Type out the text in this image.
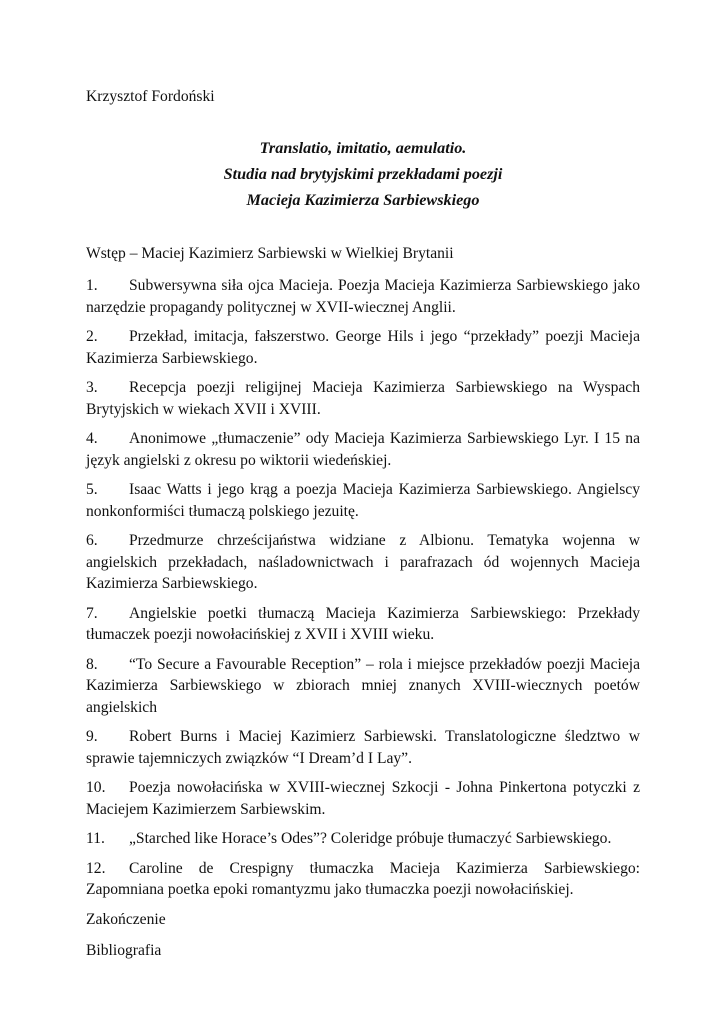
Krzysztof Fordoński
Translatio, imitatio, aemulatio.
Studia nad brytyjskimi przekładami poezji
Macieja Kazimierza Sarbiewskiego
Wstęp – Maciej Kazimierz Sarbiewski w Wielkiej Brytanii
1. Subwersywna siła ojca Macieja. Poezja Macieja Kazimierza Sarbiewskiego jako narzędzie propagandy politycznej w XVII-wiecznej Anglii.
2. Przekład, imitacja, fałszerstwo. George Hils i jego “przekłady” poezji Macieja Kazimierza Sarbiewskiego.
3. Recepcja poezji religijnej Macieja Kazimierza Sarbiewskiego na Wyspach Brytyjskich w wiekach XVII i XVIII.
4. Anonimowe „tłumaczenie” ody Macieja Kazimierza Sarbiewskiego Lyr. I 15 na język angielski z okresu po wiktorii wiedeńskiej.
5. Isaac Watts i jego krąg a poezja Macieja Kazimierza Sarbiewskiego. Angielscy nonkonformiści tłumaczą polskiego jezuitę.
6. Przedmurze chrześcijaństwa widziane z Albionu. Tematyka wojenna w angielskich przekładach, naśladownictwach i parafrazach ód wojennych Macieja Kazimierza Sarbiewskiego.
7. Angielskie poetki tłumaczą Macieja Kazimierza Sarbiewskiego: Przekłady tłumaczek poezji nowołacińskiej z XVII i XVIII wieku.
8. “To Secure a Favourable Reception” – rola i miejsce przekładów poezji Macieja Kazimierza Sarbiewskiego w zbiorach mniej znanych XVIII-wiecznych poetów angielskich
9. Robert Burns i Maciej Kazimierz Sarbiewski. Translatologiczne śledztwo w sprawie tajemniczych związków “I Dream’d I Lay”.
10. Poezja nowołacińska w XVIII-wiecznej Szkocji - Johna Pinkertona potyczki z Maciejem Kazimierzem Sarbiewskim.
11. „Starched like Horace’s Odes”? Coleridge próbuje tłumaczyć Sarbiewskiego.
12. Caroline de Crespigny tłumaczka Macieja Kazimierza Sarbiewskiego: Zapomniana poetka epoki romantyzmu jako tłumaczka poezji nowołacińskiej.
Zakończenie
Bibliografia
